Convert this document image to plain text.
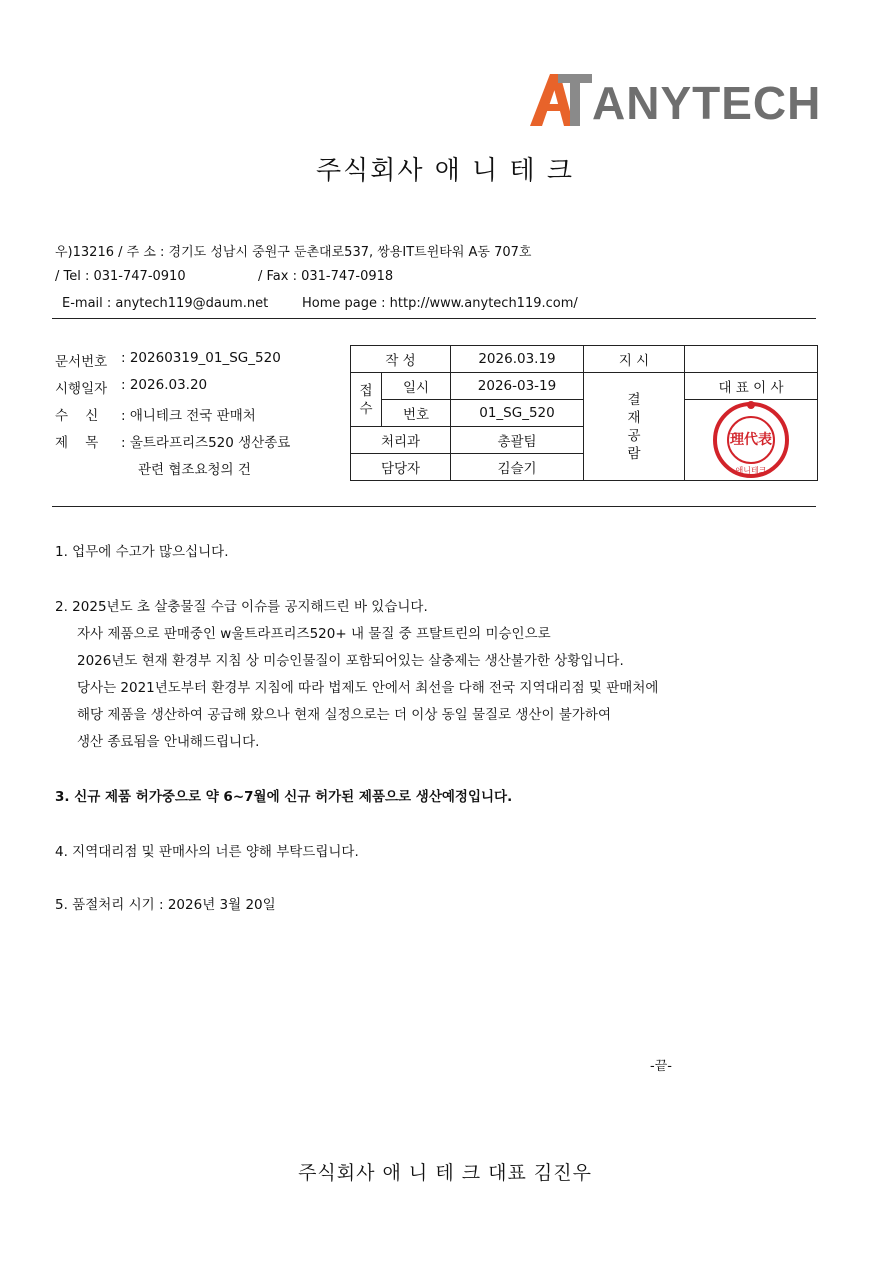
ANYTECH
주식회사 애 니 테 크
우)13216 / 주 소 : 경기도 성남시 중원구 둔촌대로537, 쌍용IT트윈타워 A동 707호
/ Tel : 031-747-0910	/ Fax : 031-747-0918
E-mail : anytech119@daum.net	Home page : http://www.anytech119.com/
문서번호 : 20260319_01_SG_520
시행일자 : 2026.03.20
수    신 : 애니테크 전국 판매처
제    목 : 울트라프리즈520 생산종료
관련 협조요청의 건
작 성		2026.03.19	지 시	

접 수	일시	2026-03-19	결 재 공 람	대 표 이 사
	번호	01_SG_520		理代表
애니테크

처리과		총괄팀		
담당자		김슬기		
1. 업무에 수고가 많으십니다.
2. 2025년도 초 살충물질 수급 이슈를 공지해드린 바 있습니다.
자사 제품으로 판매중인 w울트라프리즈520+ 내 물질 중 프탈트린의 미승인으로
2026년도 현재 환경부 지침 상 미승인물질이 포함되어있는 살충제는 생산불가한 상황입니다.
당사는 2021년도부터 환경부 지침에 따라 법제도 안에서 최선을 다해 전국 지역대리점 및 판매처에
해당 제품을 생산하여 공급해 왔으나 현재 실정으로는 더 이상 동일 물질로 생산이 불가하여
생산 종료됨을 안내해드립니다.
3. 신규 제품 허가중으로 약 6~7월에 신규 허가된 제품으로 생산예정입니다.
4. 지역대리점 및 판매사의 너른 양해 부탁드립니다.
5. 품절처리 시기 : 2026년 3월 20일
-끝-
주식회사 애 니 테 크 대표 김진우
